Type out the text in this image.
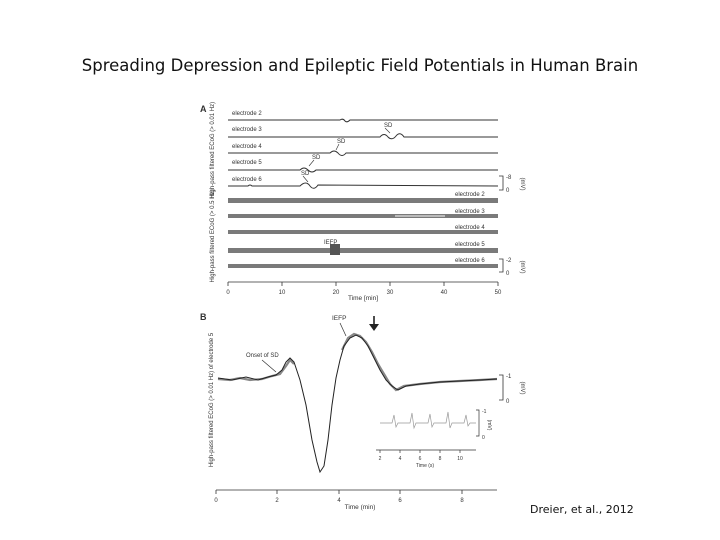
Spreading Depression and Epileptic Field Potentials in Human Brain
A High-pass filtered ECoG (> 0.01 Hz)
High-pass filtered ECoG (> 0.5 Hz)
electrode 2
electrode 3
electrode 4
electrode 5
electrode 6
SD
SD
SD
SD
-8
0
(mV)
electrode 2
electrode 3
electrode 4
electrode 5
electrode 6
IEFP
-2
0
(mV)
0	10	20	30	40	50
Time [min]
B
High-pass filtered ECoG (> 0.01 Hz) of electrode 5	Onset of SD
IEFP
-1
0
(mV)
2	4	6	8	10
Time (s)
-1
0
(mV)
0	2	4	6	8
Time (min)	Dreier, et al., 2012
